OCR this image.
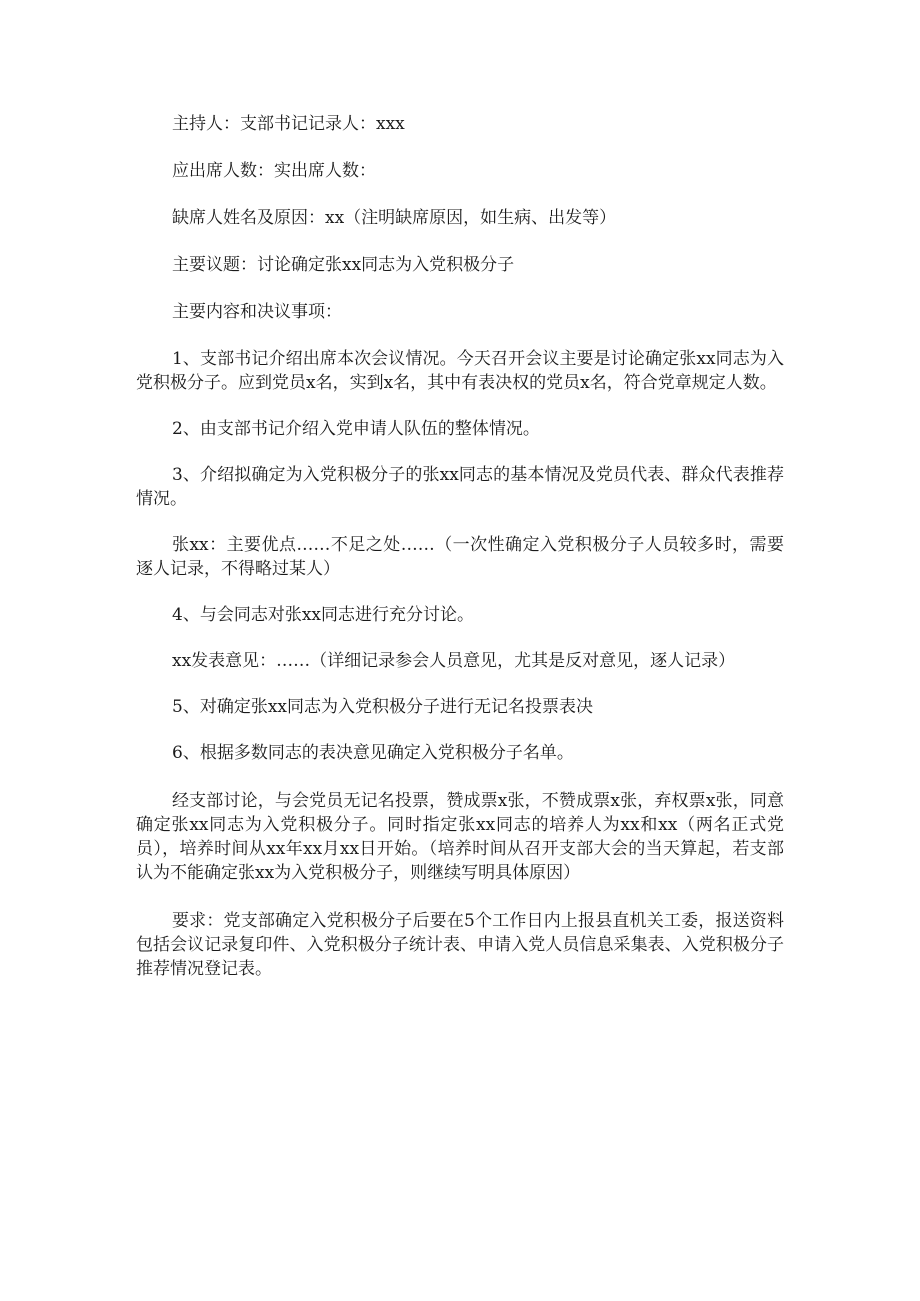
主持人：支部书记记录人：xxx

应出席人数：实出席人数：

缺席人姓名及原因：xx（注明缺席原因，如生病、出发等）

主要议题：讨论确定张xx同志为入党积极分子

主要内容和决议事项：

1、支部书记介绍出席本次会议情况。今天召开会议主要是讨论确定张xx同志为入党积极分子。应到党员x名，实到x名，其中有表决权的党员x名，符合党章规定人数。

2、由支部书记介绍入党申请人队伍的整体情况。

3、介绍拟确定为入党积极分子的张xx同志的基本情况及党员代表、群众代表推荐情况。

张xx：主要优点……不足之处……（一次性确定入党积极分子人员较多时，需要逐人记录，不得略过某人）

4、与会同志对张xx同志进行充分讨论。

xx发表意见：……（详细记录参会人员意见，尤其是反对意见，逐人记录）

5、对确定张xx同志为入党积极分子进行无记名投票表决

6、根据多数同志的表决意见确定入党积极分子名单。

经支部讨论，与会党员无记名投票，赞成票x张，不赞成票x张，弃权票x张，同意确定张xx同志为入党积极分子。同时指定张xx同志的培养人为xx和xx（两名正式党员），培养时间从xx年xx月xx日开始。（培养时间从召开支部大会的当天算起，若支部认为不能确定张xx为入党积极分子，则继续写明具体原因）

要求：党支部确定入党积极分子后要在5个工作日内上报县直机关工委，报送资料包括会议记录复印件、入党积极分子统计表、申请入党人员信息采集表、入党积极分子推荐情况登记表。
